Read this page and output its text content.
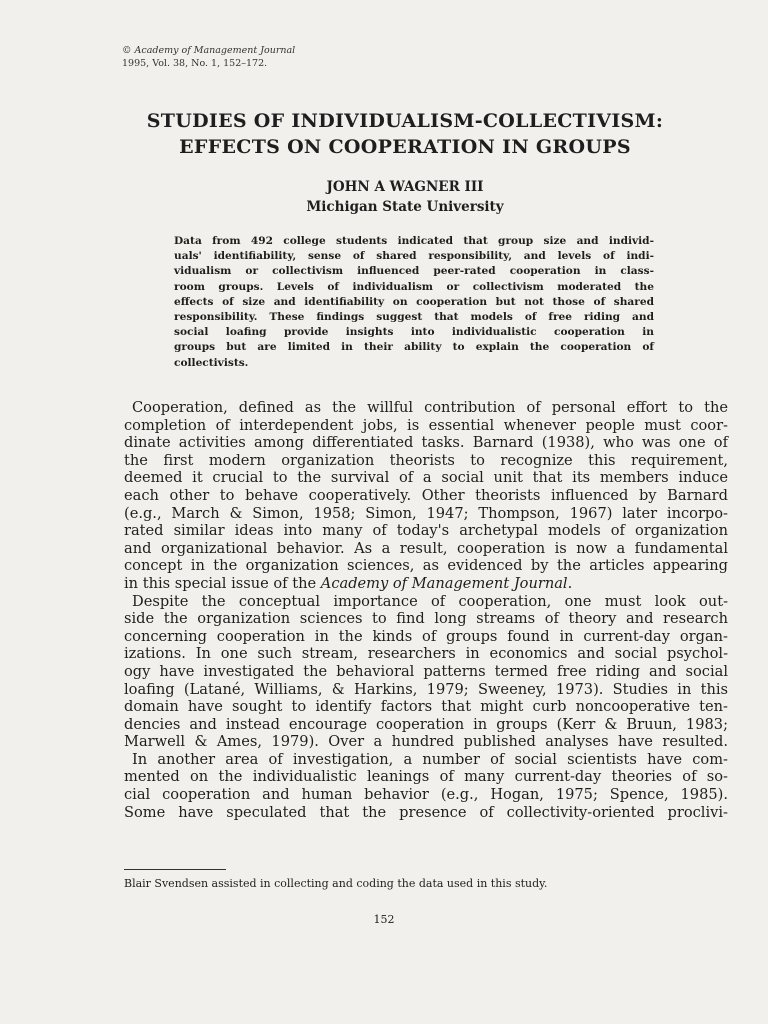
© Academy of Management Journal
1995, Vol. 38, No. 1, 152–172.
STUDIES OF INDIVIDUALISM-COLLECTIVISM:
EFFECTS ON COOPERATION IN GROUPS
JOHN A WAGNER III
Michigan State University
Data from 492 college students indicated that group size and individ-
uals' identifiability, sense of shared responsibility, and levels of indi-
vidualism or collectivism influenced peer-rated cooperation in class-
room groups. Levels of individualism or collectivism moderated the
effects of size and identifiability on cooperation but not those of shared
responsibility. These findings suggest that models of free riding and
social loafing provide insights into individualistic cooperation in
groups but are limited in their ability to explain the cooperation of
collectivists.
Cooperation, defined as the willful contribution of personal effort to the
completion of interdependent jobs, is essential whenever people must coor-
dinate activities among differentiated tasks. Barnard (1938), who was one of
the first modern organization theorists to recognize this requirement,
deemed it crucial to the survival of a social unit that its members induce
each other to behave cooperatively. Other theorists influenced by Barnard
(e.g., March & Simon, 1958; Simon, 1947; Thompson, 1967) later incorpo-
rated similar ideas into many of today's archetypal models of organization
and organizational behavior. As a result, cooperation is now a fundamental
concept in the organization sciences, as evidenced by the articles appearing
in this special issue of the Academy of Management Journal.
Despite the conceptual importance of cooperation, one must look out-
side the organization sciences to find long streams of theory and research
concerning cooperation in the kinds of groups found in current-day organ-
izations. In one such stream, researchers in economics and social psychol-
ogy have investigated the behavioral patterns termed free riding and social
loafing (Latané, Williams, & Harkins, 1979; Sweeney, 1973). Studies in this
domain have sought to identify factors that might curb noncooperative ten-
dencies and instead encourage cooperation in groups (Kerr & Bruun, 1983;
Marwell & Ames, 1979). Over a hundred published analyses have resulted.
In another area of investigation, a number of social scientists have com-
mented on the individualistic leanings of many current-day theories of so-
cial cooperation and human behavior (e.g., Hogan, 1975; Spence, 1985).
Some have speculated that the presence of collectivity-oriented proclivi-
Blair Svendsen assisted in collecting and coding the data used in this study.
152
